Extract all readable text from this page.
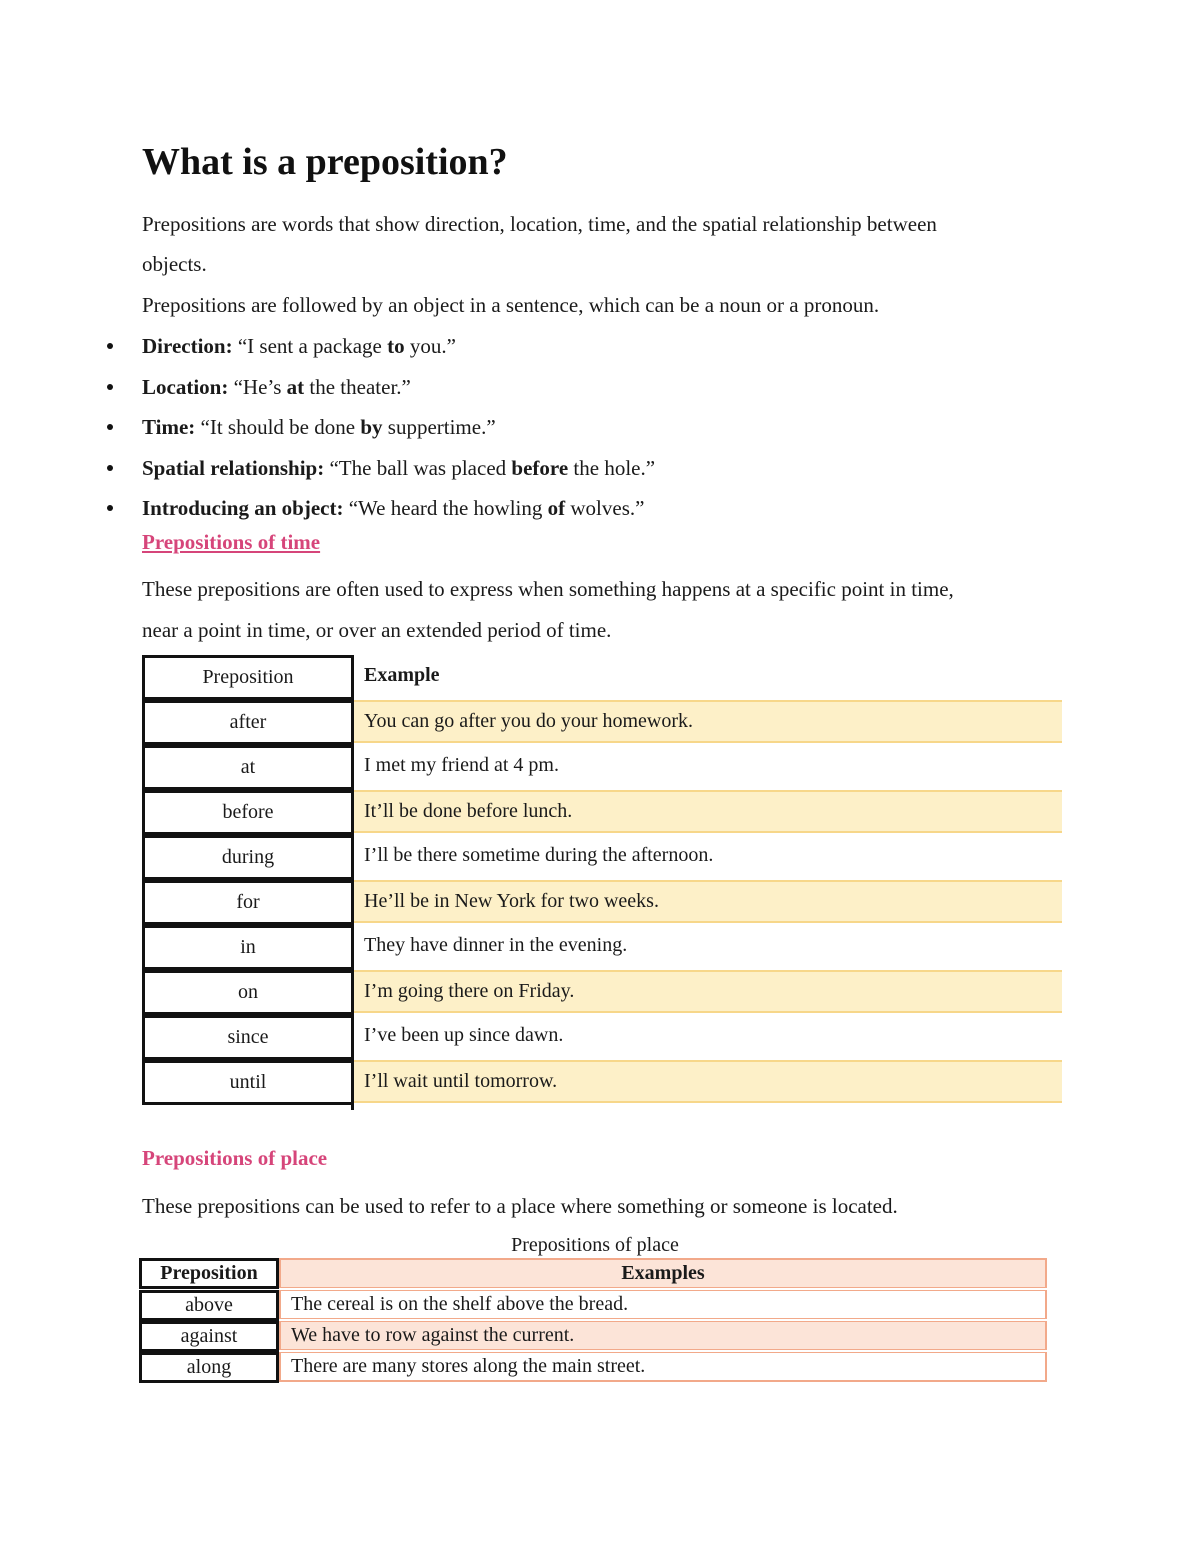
What is a preposition?

Prepositions are words that show direction, location, time, and the spatial relationship between

objects.

Prepositions are followed by an object in a sentence, which can be a noun or a pronoun.

Direction: “I sent a package to you.”
Location: “He’s at the theater.”
Time: “It should be done by suppertime.”
Spatial relationship: “The ball was placed before the hole.”
Introducing an object: “We heard the howling of wolves.”

Prepositions of time

These prepositions are often used to express when something happens at a specific point in time,

near a point in time, or over an extended period of time.

Preposition	Example
after	You can go after you do your homework.
at	I met my friend at 4 pm.
before	It’ll be done before lunch.
during	I’ll be there sometime during the afternoon.
for	He’ll be in New York for two weeks.
in	They have dinner in the evening.
on	I’m going there on Friday.
since	I’ve been up since dawn.
until	I’ll wait until tomorrow.

Prepositions of place

These prepositions can be used to refer to a place where something or someone is located.

Prepositions of place

Preposition	Examples
above	The cereal is on the shelf above the bread.
against	We have to row against the current.
along	There are many stores along the main street.
